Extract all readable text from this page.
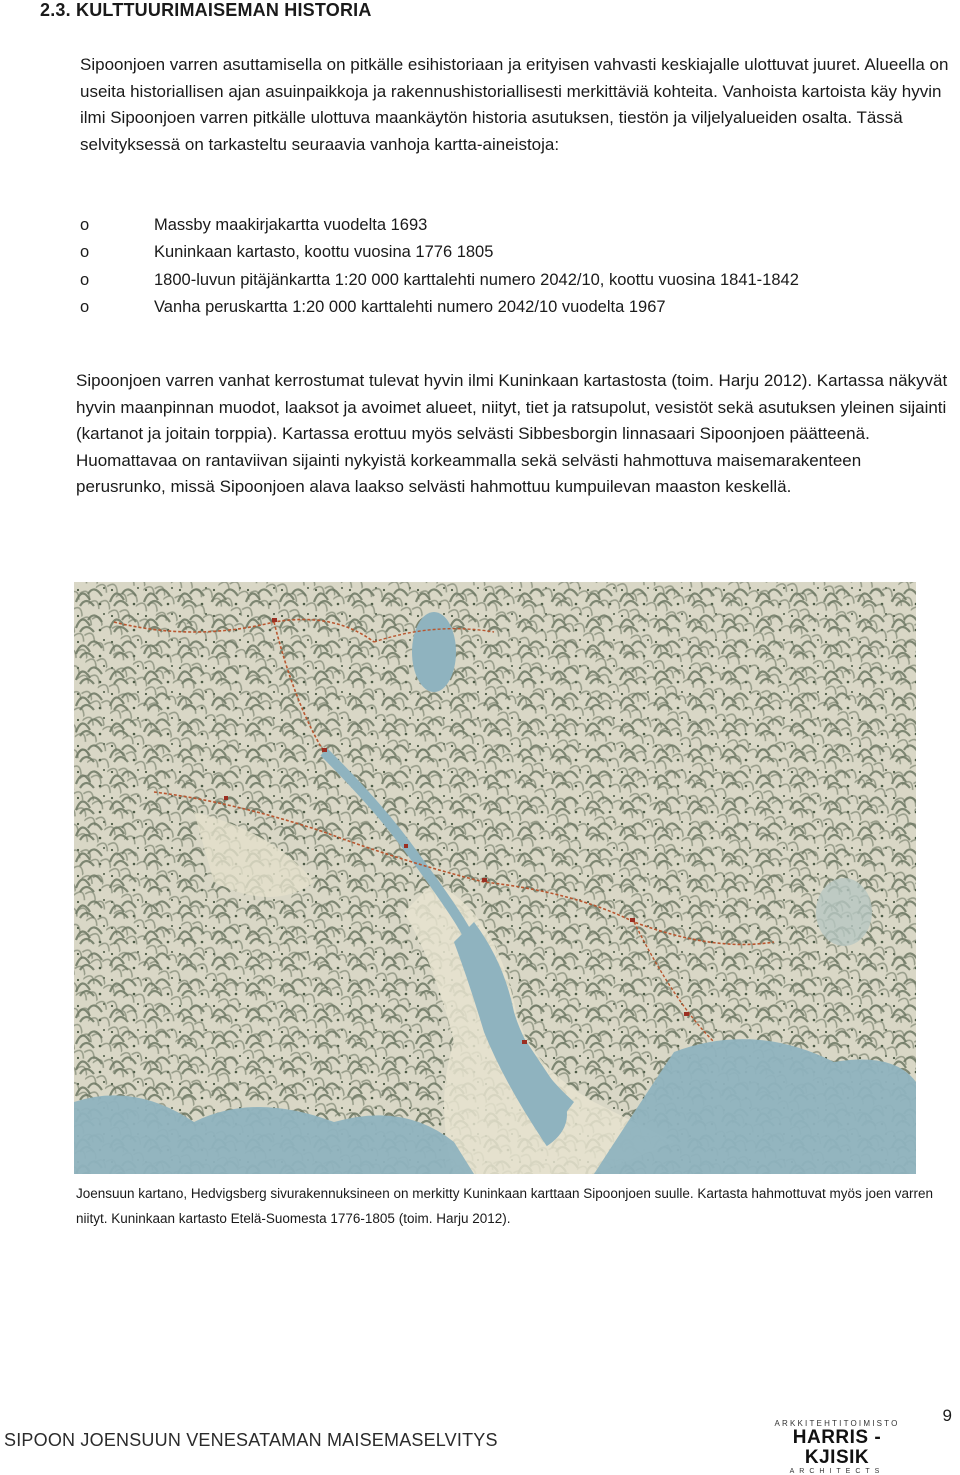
2.3. KULTTUURIMAISEMAN HISTORIA

Sipoonjoen varren asuttamisella on pitkälle esihistoriaan ja erityisen vahvasti keskiajalle ulottuvat juuret. Alueella on useita historiallisen ajan asuinpaikkoja ja rakennushistoriallisesti merkittäviä kohteita. Vanhoista kartoista käy hyvin ilmi Sipoonjoen varren pitkälle ulottuva maankäytön historia asutuksen, tiestön ja viljelyalueiden osalta. Tässä selvityksessä on tarkasteltu seuraavia vanhoja kartta-aineistoja:

o	Massby maakirjakartta vuodelta 1693
o	Kuninkaan kartasto, koottu vuosina 1776 1805
o	1800-luvun pitäjänkartta 1:20 000 karttalehti numero 2042/10, koottu vuosina 1841-1842
o	Vanha peruskartta 1:20 000 karttalehti numero 2042/10 vuodelta 1967

Sipoonjoen varren vanhat kerrostumat tulevat hyvin ilmi Kuninkaan kartastosta (toim. Harju 2012). Kartassa näkyvät hyvin maanpinnan muodot, laaksot ja avoimet alueet, niityt, tiet ja ratsupolut, vesistöt sekä asutuksen yleinen sijainti (kartanot ja joitain torppia). Kartassa erottuu myös selvästi Sibbesborgin linnasaari Sipoonjoen päätteenä. Huomattavaa on rantaviivan sijainti nykyistä korkeammalla sekä selvästi hahmottuva maisemarakenteen perusrunko, missä Sipoonjoen alava laakso selvästi hahmottuu kumpuilevan maaston keskellä.

Joensuun kartano, Hedvigsberg sivurakennuksineen on merkitty Kuninkaan karttaan Sipoonjoen suulle. Kartasta hahmottuvat myös joen varren niityt. Kuninkaan kartasto Etelä-Suomesta 1776-1805 (toim. Harju 2012).
SIPOON JOENSUUN VENESATAMAN MAISEMASELVITYS
9
ARKKITEHTITOIMISTO
HARRIS - KJISIK
ARCHITECTS
